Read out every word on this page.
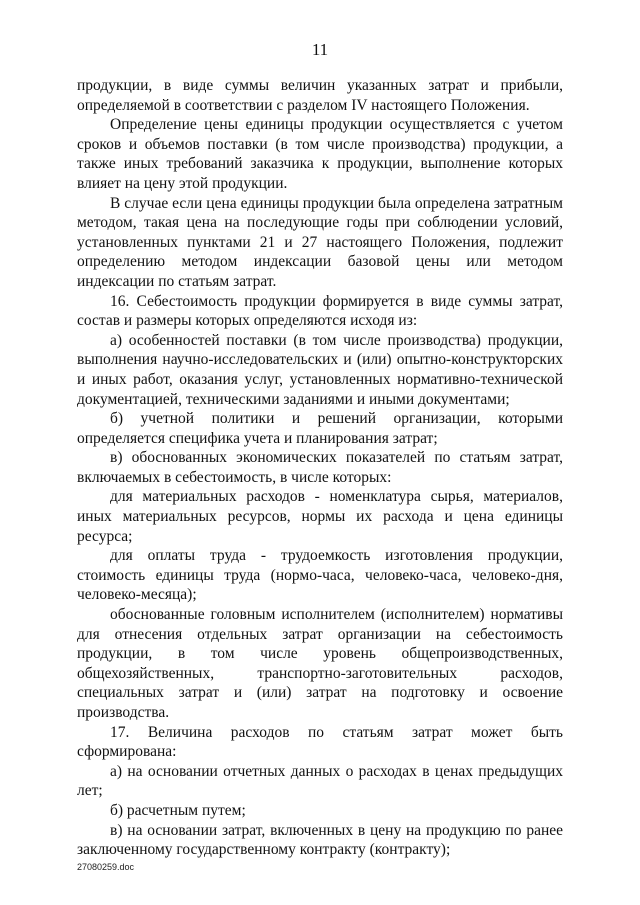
11

продукции, в виде суммы величин указанных затрат и прибыли, определяемой в соответствии с разделом IV настоящего Положения.

Определение цены единицы продукции осуществляется с учетом сроков и объемов поставки (в том числе производства) продукции, а также иных требований заказчика к продукции, выполнение которых влияет на цену этой продукции.

В случае если цена единицы продукции была определена затратным методом, такая цена на последующие годы при соблюдении условий, установленных пунктами 21 и 27 настоящего Положения, подлежит определению методом индексации базовой цены или методом индексации по статьям затрат.

16. Себестоимость продукции формируется в виде суммы затрат, состав и размеры которых определяются исходя из:

а) особенностей поставки (в том числе производства) продукции, выполнения научно-исследовательских и (или) опытно-конструкторских и иных работ, оказания услуг, установленных нормативно-технической документацией, техническими заданиями и иными документами;

б) учетной политики и решений организации, которыми определяется специфика учета и планирования затрат;

в) обоснованных экономических показателей по статьям затрат, включаемых в себестоимость, в числе которых:

для материальных расходов - номенклатура сырья, материалов, иных материальных ресурсов, нормы их расхода и цена единицы ресурса;

для оплаты труда - трудоемкость изготовления продукции, стоимость единицы труда (нормо-часа, человеко-часа, человеко-дня, человеко-месяца);

обоснованные головным исполнителем (исполнителем) нормативы для отнесения отдельных затрат организации на себестоимость продукции, в том числе уровень общепроизводственных, общехозяйственных, транспортно-заготовительных расходов, специальных затрат и (или) затрат на подготовку и освоение производства.

17. Величина расходов по статьям затрат может быть сформирована:

а) на основании отчетных данных о расходах в ценах предыдущих лет;

б) расчетным путем;

в) на основании затрат, включенных в цену на продукцию по ранее заключенному государственному контракту (контракту);

27080259.doc
